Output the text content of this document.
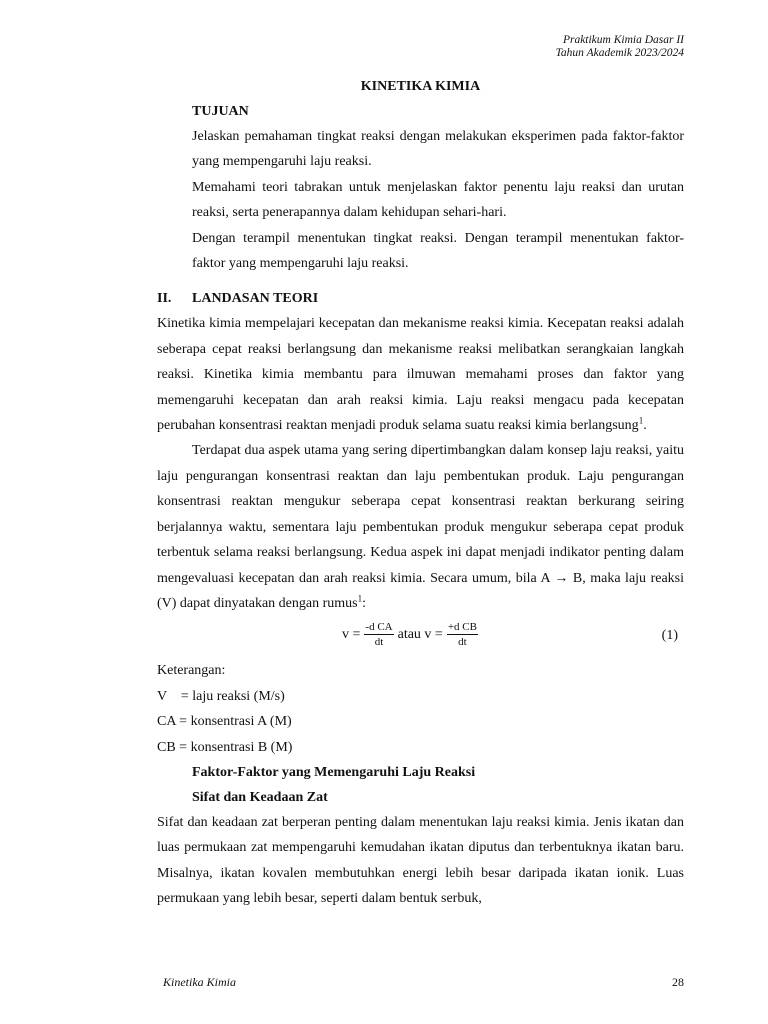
Praktikum Kimia Dasar II
Tahun Akademik 2023/2024

KINETIKA KIMIA

TUJUAN

Jelaskan pemahaman tingkat reaksi dengan melakukan eksperimen pada faktor-faktor yang mempengaruhi laju reaksi.

Memahami teori tabrakan untuk menjelaskan faktor penentu laju reaksi dan urutan reaksi, serta penerapannya dalam kehidupan sehari-hari.

Dengan terampil menentukan tingkat reaksi. Dengan terampil menentukan faktor-faktor yang mempengaruhi laju reaksi.

II.	LANDASAN TEORI

Kinetika kimia mempelajari kecepatan dan mekanisme reaksi kimia. Kecepatan reaksi adalah seberapa cepat reaksi berlangsung dan mekanisme reaksi melibatkan serangkaian langkah reaksi. Kinetika kimia membantu para ilmuwan memahami proses dan faktor yang memengaruhi kecepatan dan arah reaksi kimia. Laju reaksi mengacu pada kecepatan perubahan konsentrasi reaktan menjadi produk selama suatu reaksi kimia berlangsung$^1$.

Terdapat dua aspek utama yang sering dipertimbangkan dalam konsep laju reaksi, yaitu laju pengurangan konsentrasi reaktan dan laju pembentukan produk. Laju pengurangan konsentrasi reaktan mengukur seberapa cepat konsentrasi reaktan berkurang seiring berjalannya waktu, sementara laju pembentukan produk mengukur seberapa cepat produk terbentuk selama reaksi berlangsung. Kedua aspek ini dapat menjadi indikator penting dalam mengevaluasi kecepatan dan arah reaksi kimia. Secara umum, bila A → B, maka laju reaksi (V) dapat dinyatakan dengan rumus$^1$:

$v = \frac{\text{-d CA}}{dt}$ atau $v = \frac{\text{+d CB}}{dt}$	(1)

Keterangan:

V    = laju reaksi (M/s)

CA = konsentrasi A (M)

CB = konsentrasi B (M)

Faktor-Faktor yang Memengaruhi Laju Reaksi

Sifat dan Keadaan Zat

Sifat dan keadaan zat berperan penting dalam menentukan laju reaksi kimia. Jenis ikatan dan luas permukaan zat mempengaruhi kemudahan ikatan diputus dan terbentuknya ikatan baru. Misalnya, ikatan kovalen membutuhkan energi lebih besar daripada ikatan ionik. Luas permukaan yang lebih besar, seperti dalam bentuk serbuk,

Kinetika Kimia	28
